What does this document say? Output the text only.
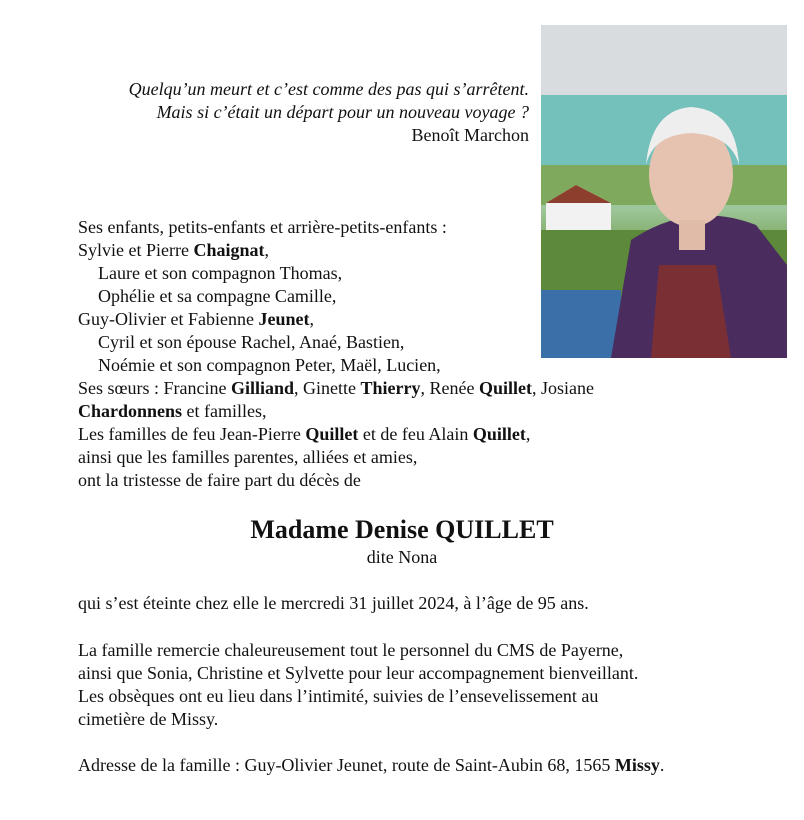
Quelqu’un meurt et c’est comme des pas qui s’arrêtent.
Mais si c’était un départ pour un nouveau voyage ?
Benoît Marchon
Ses enfants, petits-enfants et arrière-petits-enfants :
Sylvie et Pierre Chaignat,
Laure et son compagnon Thomas,
Ophélie et sa compagne Camille,
Guy-Olivier et Fabienne Jeunet,
Cyril et son épouse Rachel, Anaé, Bastien,
Noémie et son compagnon Peter, Maël, Lucien,
Ses sœurs : Francine Gilliand, Ginette Thierry, Renée Quillet, Josiane
Chardonnens et familles,
Les familles de feu Jean-Pierre Quillet et de feu Alain Quillet,
ainsi que les familles parentes, alliées et amies,
ont la tristesse de faire part du décès de
Madame Denise QUILLET
dite Nona
qui s’est éteinte chez elle le mercredi 31 juillet 2024, à l’âge de 95 ans.
La famille remercie chaleureusement tout le personnel du CMS de Payerne,
ainsi que Sonia, Christine et Sylvette pour leur accompagnement bienveillant.
Les obsèques ont eu lieu dans l’intimité, suivies de l’ensevelissement au
cimetière de Missy.
Adresse de la famille : Guy-Olivier Jeunet, route de Saint-Aubin 68, 1565 Missy.
